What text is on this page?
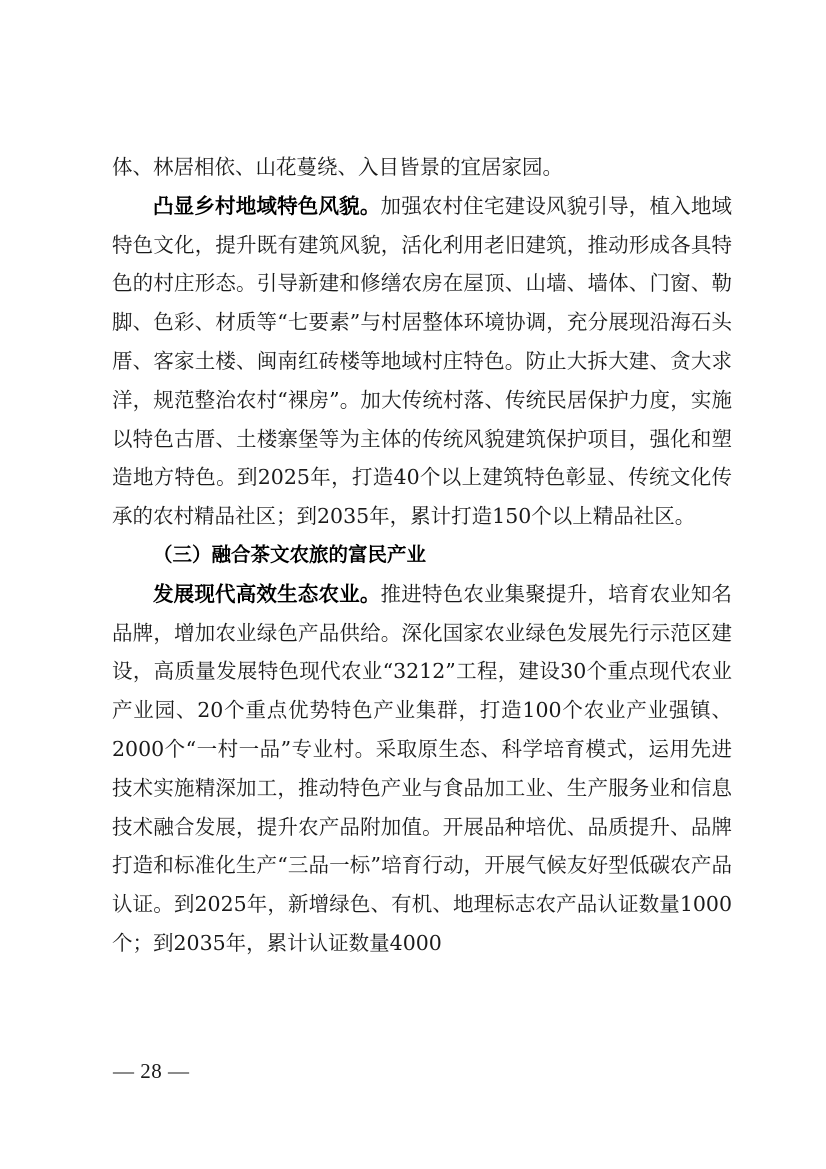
体、林居相依、山花蔓绕、入目皆景的宜居家园。

凸显乡村地域特色风貌。加强农村住宅建设风貌引导，植入地域特色文化，提升既有建筑风貌，活化利用老旧建筑，推动形成各具特色的村庄形态。引导新建和修缮农房在屋顶、山墙、墙体、门窗、勒脚、色彩、材质等“七要素”与村居整体环境协调，充分展现沿海石头厝、客家土楼、闽南红砖楼等地域村庄特色。防止大拆大建、贪大求洋，规范整治农村“裸房”。加大传统村落、传统民居保护力度，实施以特色古厝、土楼寨堡等为主体的传统风貌建筑保护项目，强化和塑造地方特色。到2025年，打造40个以上建筑特色彰显、传统文化传承的农村精品社区；到2035年，累计打造150个以上精品社区。

（三）融合茶文农旅的富民产业

发展现代高效生态农业。推进特色农业集聚提升，培育农业知名品牌，增加农业绿色产品供给。深化国家农业绿色发展先行示范区建设，高质量发展特色现代农业“3212”工程，建设30个重点现代农业产业园、20个重点优势特色产业集群，打造100个农业产业强镇、2000个“一村一品”专业村。采取原生态、科学培育模式，运用先进技术实施精深加工，推动特色产业与食品加工业、生产服务业和信息技术融合发展，提升农产品附加值。开展品种培优、品质提升、品牌打造和标准化生产“三品一标”培育行动，开展气候友好型低碳农产品认证。到2025年，新增绿色、有机、地理标志农产品认证数量1000个；到2035年，累计认证数量4000

— 28 —
